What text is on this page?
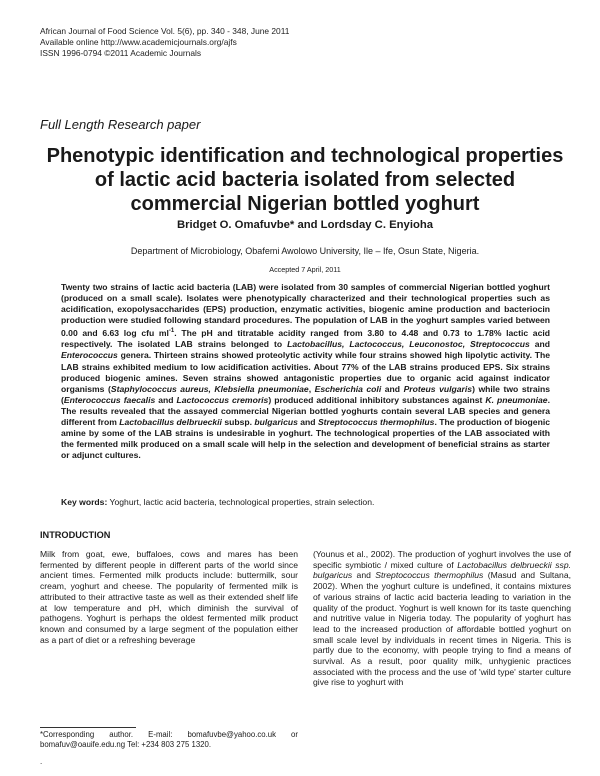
African Journal of Food Science Vol. 5(6), pp. 340 - 348, June 2011
Available online http://www.academicjournals.org/ajfs
ISSN 1996-0794 ©2011 Academic Journals
Full Length Research paper
Phenotypic identification and technological properties
of lactic acid bacteria isolated from selected
commercial Nigerian bottled yoghurt
Bridget O. Omafuvbe* and Lordsday C. Enyioha
Department of Microbiology, Obafemi Awolowo University, Ile – Ife, Osun State, Nigeria.
Accepted 7 April, 2011
Twenty two strains of lactic acid bacteria (LAB) were isolated from 30 samples of commercial Nigerian bottled yoghurt (produced on a small scale). Isolates were phenotypically characterized and their technological properties such as acidification, exopolysaccharides (EPS) production, enzymatic activities, biogenic amine production and bacteriocin production were studied following standard procedures. The population of LAB in the yoghurt samples varied between 0.00 and 6.63 log cfu $ml^{-1}$. The pH and titratable acidity ranged from 3.80 to 4.48 and 0.73 to 1.78% lactic acid respectively. The isolated LAB strains belonged to Lactobacillus, Lactococcus, Leuconostoc, Streptococcus and Enterococcus genera. Thirteen strains showed proteolytic activity while four strains showed high lipolytic activity. The LAB strains exhibited medium to low acidification activities. About 77% of the LAB strains produced EPS. Six strains produced biogenic amines. Seven strains showed antagonistic properties due to organic acid against indicator organisms (Staphylococcus aureus, Klebsiella pneumoniae, Escherichia coli and Proteus vulgaris) while two strains (Enterococcus faecalis and Lactococcus cremoris) produced additional inhibitory substances against K. pneumoniae. The results revealed that the assayed commercial Nigerian bottled yoghurts contain several LAB species and genera different from Lactobacillus delbrueckii subsp. bulgaricus and Streptococcus thermophilus. The production of biogenic amine by some of the LAB strains is undesirable in yoghurt. The technological properties of the LAB associated with the fermented milk produced on a small scale will help in the selection and development of beneficial strains as starter or adjunct cultures.
Key words: Yoghurt, lactic acid bacteria, technological properties, strain selection.
INTRODUCTION

Milk from goat, ewe, buffaloes, cows and mares has been fermented by different people in different parts of the world since ancient times. Fermented milk products include: buttermilk, sour cream, yoghurt and cheese. The popularity of fermented milk is attributed to their attractive taste as well as their extended shelf life at low temperature and pH, which diminish the survival of pathogens. Yoghurt is perhaps the oldest fermented milk product known and consumed by a large segment of the population either as a part of diet or a refreshing beverage

(Younus et al., 2002). The production of yoghurt involves the use of specific symbiotic / mixed culture of Lactobacillus delbrueckii ssp. bulgaricus and Streptococcus thermophilus (Masud and Sultana, 2002). When the yoghurt culture is undefined, it contains mixtures of various strains of lactic acid bacteria leading to variation in the quality of the product. Yoghurt is well known for its taste quenching and nutritive value in Nigeria today. The popularity of yoghurt has lead to the increased production of affordable bottled yoghurt on small scale level by individuals in recent times in Nigeria. This is partly due to the economy, with people trying to find a means of survival. As a result, poor quality milk, unhygienic practices associated with the process and the use of 'wild type' starter culture give rise to yoghurt with
*Corresponding author. E-mail: bomafuvbe@yahoo.co.uk or bomafuv@oauife.edu.ng Tel: +234 803 275 1320.
.
